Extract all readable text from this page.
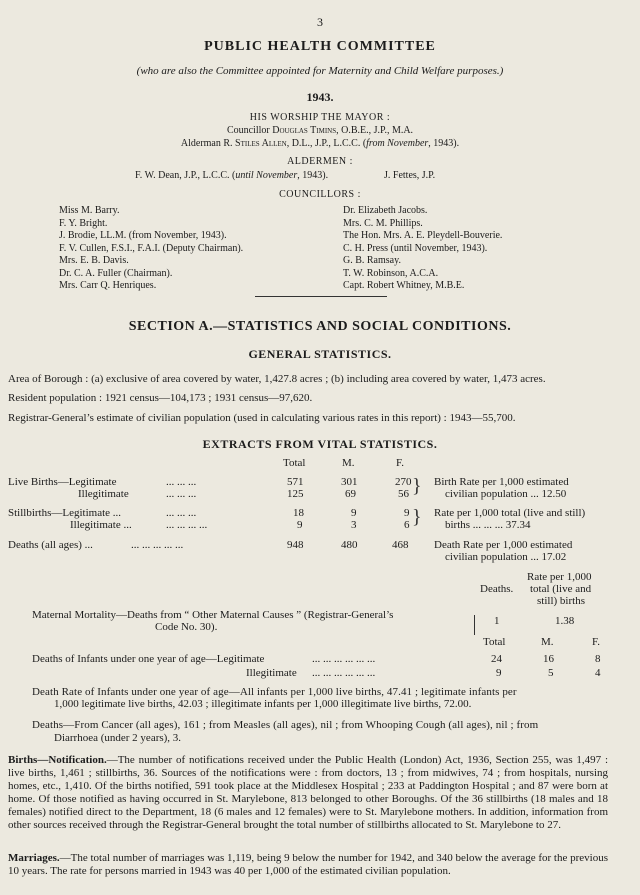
3
PUBLIC HEALTH COMMITTEE
(who are also the Committee appointed for Maternity and Child Welfare purposes.)
1943.
HIS WORSHIP THE MAYOR :
Councillor Douglas Timins, O.B.E., J.P., M.A.
Alderman R. Stiles Allen, D.L., J.P., L.C.C. (from November, 1943).
ALDERMEN :
F. W. Dean, J.P., L.C.C. (until November, 1943).	J. Fettes, J.P.
COUNCILLORS :
Miss M. Barry.
F. Y. Bright.
J. Brodie, LL.M. (from November, 1943).
F. V. Cullen, F.S.I., F.A.I. (Deputy Chairman).
Mrs. E. B. Davis.
Dr. C. A. Fuller (Chairman).
Mrs. Carr Q. Henriques.
Dr. Elizabeth Jacobs.
Mrs. C. M. Phillips.
The Hon. Mrs. A. E. Pleydell-Bouverie.
C. H. Press (until November, 1943).
G. B. Ramsay.
T. W. Robinson, A.C.A.
Capt. Robert Whitney, M.B.E.
SECTION A.—STATISTICS AND SOCIAL CONDITIONS.
GENERAL STATISTICS.
Area of Borough : (a) exclusive of area covered by water, 1,427.8 acres ; (b) including area covered by water, 1,473 acres.
Resident population : 1921 census—104,173 ; 1931 census—97,620.
Registrar-General’s estimate of civilian population (used in calculating various rates in this report) : 1943—55,700.
EXTRACTS FROM VITAL STATISTICS.
Total	M.	F.
Live Births—Legitimate	... ... ...	571	301	270
Illegitimate	... ... ...	125	69	56 } Birth Rate per 1,000 estimated
civilian population ... 12.50
Stillbirths—Legitimate ...	... ... ...	18	9	9
Illegitimate ...	... ... ... ...	9	3	6 } Rate per 1,000 total (live and still)
births ... ... ... 37.34
Deaths (all ages) ...	... ... ... ... ...	948	480	468 Death Rate per 1,000 estimated
civilian population ... 17.02
Rate per 1,000
Deaths. total (live and
still) births
Maternal Mortality—Deaths from “ Other Maternal Causes ” (Registrar-General’s
Code No. 30).	1	1.38
Total	M.	F.
Deaths of Infants under one year of age—Legitimate	... ... ... ... ... ...	24	16	8
Illegitimate ... ... ... ... ... ...	9	5	4
Death Rate of Infants under one year of age—All infants per 1,000 live births, 47.41 ; legitimate infants per
1,000 legitimate live births, 42.03 ; illegitimate infants per 1,000 illegitimate live births, 72.00.
Deaths—From Cancer (all ages), 161 ; from Measles (all ages), nil ; from Whooping Cough (all ages), nil ; from
Diarrhoea (under 2 years), 3.
Births—Notification.—The number of notifications received under the Public Health (London) Act, 1936, Section 255, was 1,497 : live births, 1,461 ; stillbirths, 36. Sources of the notifications were : from doctors, 13 ; from midwives, 74 ; from hospitals, nursing homes, etc., 1,410. Of the births notified, 591 took place at the Middlesex Hospital ; 233 at Paddington Hospital ; and 87 were born at home. Of those notified as having occurred in St. Marylebone, 813 belonged to other Boroughs. Of the 36 stillbirths (18 males and 18 females) notified direct to the Department, 18 (6 males and 12 females) were to St. Marylebone mothers. In addition, information from other sources received through the Registrar-General brought the total number of stillbirths allocated to St. Marylebone to 27.
Marriages.—The total number of marriages was 1,119, being 9 below the number for 1942, and 340 below the average for the previous 10 years. The rate for persons married in 1943 was 40 per 1,000 of the estimated civilian population.
